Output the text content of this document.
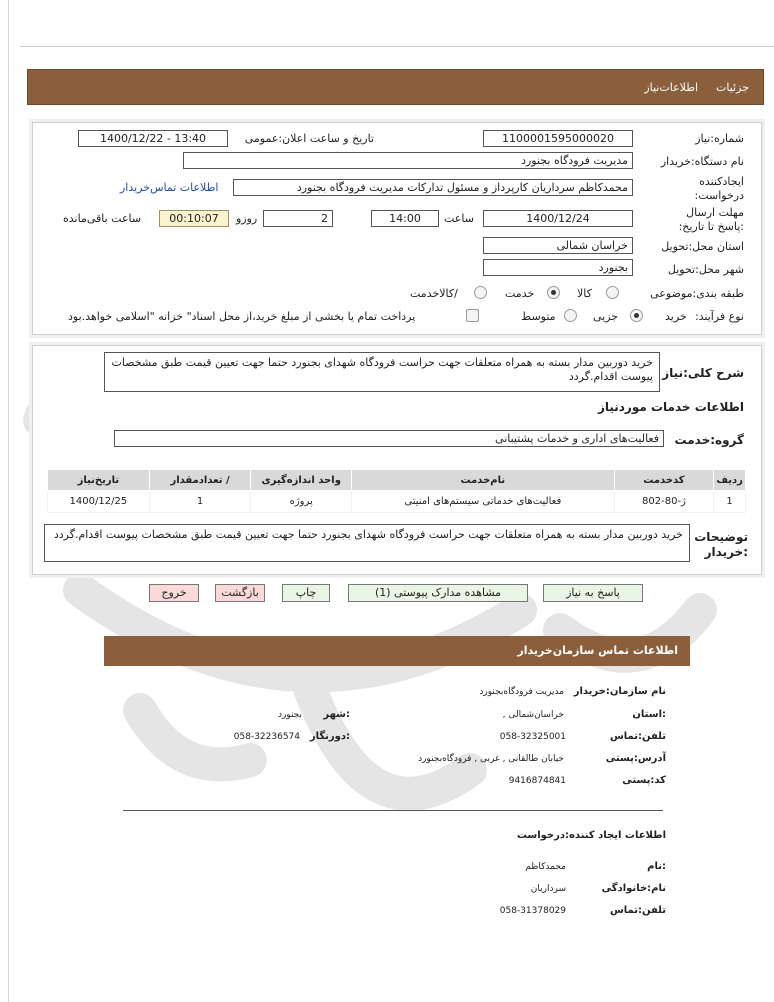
جزئیات
اطلاعات‌نیاز
شماره:نیاز
1100001595000020
تاریخ و ساعت اعلان:عمومی
1400/12/22 - 13:40
نام دستگاه:خریدار
مدیریت فرودگاه بجنورد
ایجادکننده درخواست:
محمدکاظم سرداریان کارپرداز و مسئول تدارکات مدیریت فرودگاه بجنورد
اطلاعات تماس‌خریدار
مهلت ارسال :پاسخ تا تاریخ:
1400/12/24
ساعت
14:00
روزو	2
00:10:07
ساعت باقی‌مانده
استان محل:تحویل
خراسان شمالی
شهر محل:تحویل
بجنورد
طبقه بندی:موضوعی
کالا
خدمت
/کالاخدمت
نوع فرآیند:
خرید
جزیی
متوسط
پرداخت تمام یا بخشی از مبلغ خرید،از محل اسناد" خزانه "اسلامی خواهد.بود
شرح کلی:نیاز
خرید دوربین مدار بسته به همراه متعلقات جهت حراست فرودگاه شهدای بجنورد حتما جهت تعیین قیمت طبق مشخصات پیوست اقدام.گردد
اطلاعات خدمات موردنیاز
گروه:خدمت
فعالیت‌های اداری و خدمات پشتیبانی
ردیف	کدخدمت	نام‌خدمت	واحد اندازه‌گیری	/ تعدادمقدار	تاریخ‌نیاز
1	ژ-80-802	فعالیت‌های خدماتی سیستم‌های امنیتی	پروژه	1	1400/12/25
توضیحات :خریدار
خرید دوربین مدار بسته به همراه متعلقات جهت حراست فرودگاه شهدای بجنورد حتما جهت تعیین قیمت طبق مشخصات پیوست اقدام.گردد
پاسخ به نیاز
مشاهده مدارک پیوستی (1)
چاپ
بازگشت
خروج
اطلاعات تماس سازمان‌خریدار
نام سازمان:خریدار
مدیریت فرودگاه‌بجنورد
:استان
خراسان‌شمالی ,
:شهر
بجنورد
تلفن:تماس
058-32325001
:دورنگار
058-32236574
آدرس:پستی
خیابان طالقانی , غربی , فرودگاه‌بجنورد
کد:پستی
9416874841
اطلاعات ایجاد کننده:درخواست
:نام
محمدکاظم
نام:خانوادگی
سرداریان
تلفن:تماس
058-31378029
